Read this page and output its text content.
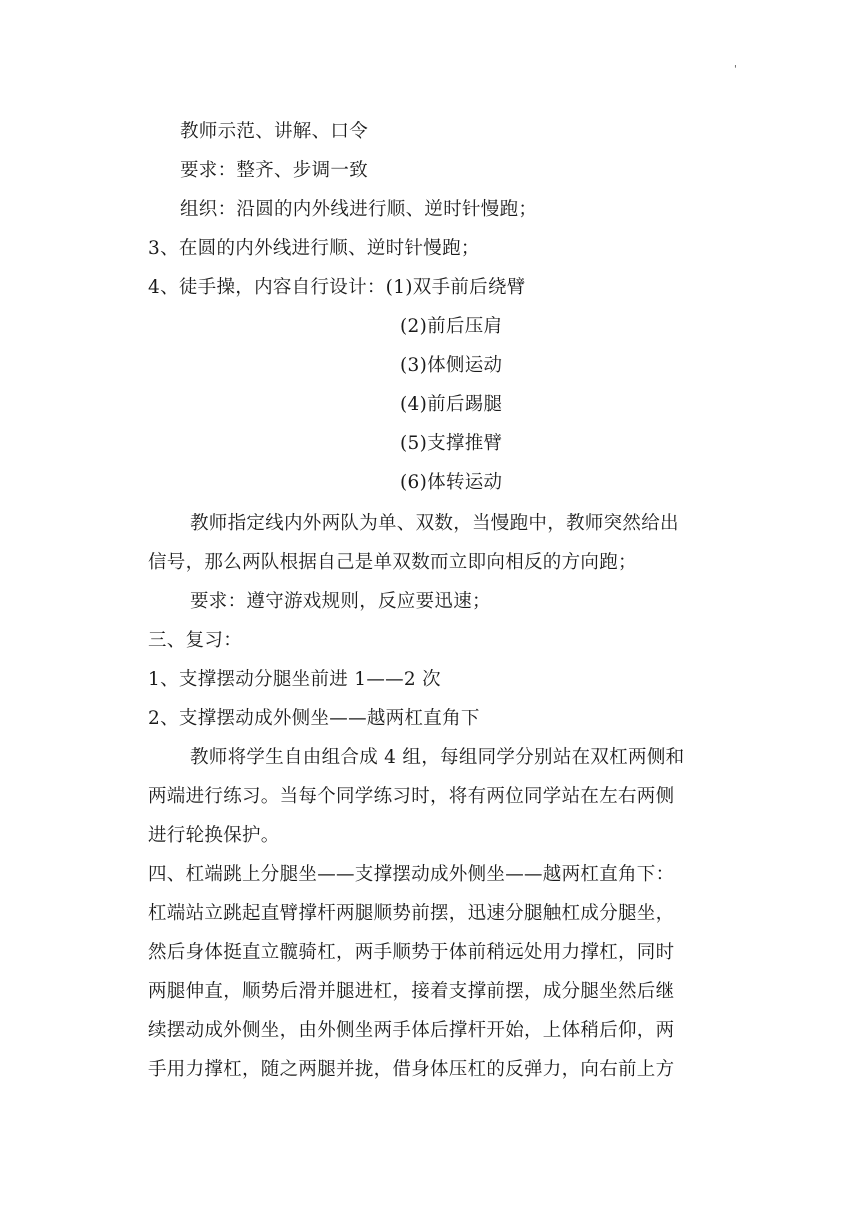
'
教师示范、讲解、口令
要求：整齐、步调一致
组织：沿圆的内外线进行顺、逆时针慢跑；
3、在圆的内外线进行顺、逆时针慢跑；
4、徒手操，内容自行设计：(1)双手前后绕臂
(2)前后压肩
(3)体侧运动
(4)前后踢腿
(5)支撑推臂
(6)体转运动
教师指定线内外两队为单、双数，当慢跑中，教师突然给出
信号，那么两队根据自己是单双数而立即向相反的方向跑；
要求：遵守游戏规则，反应要迅速；
三、复习：
1、支撑摆动分腿坐前进 1——2 次
2、支撑摆动成外侧坐——越两杠直角下
教师将学生自由组合成 4 组，每组同学分别站在双杠两侧和
两端进行练习。当每个同学练习时，将有两位同学站在左右两侧
进行轮换保护。
四、杠端跳上分腿坐——支撑摆动成外侧坐——越两杠直角下：
杠端站立跳起直臂撑杆两腿顺势前摆，迅速分腿触杠成分腿坐，
然后身体挺直立髋骑杠，两手顺势于体前稍远处用力撑杠，同时
两腿伸直，顺势后滑并腿进杠，接着支撑前摆，成分腿坐然后继
续摆动成外侧坐，由外侧坐两手体后撑杆开始，上体稍后仰，两
手用力撑杠，随之两腿并拢，借身体压杠的反弹力，向右前上方
